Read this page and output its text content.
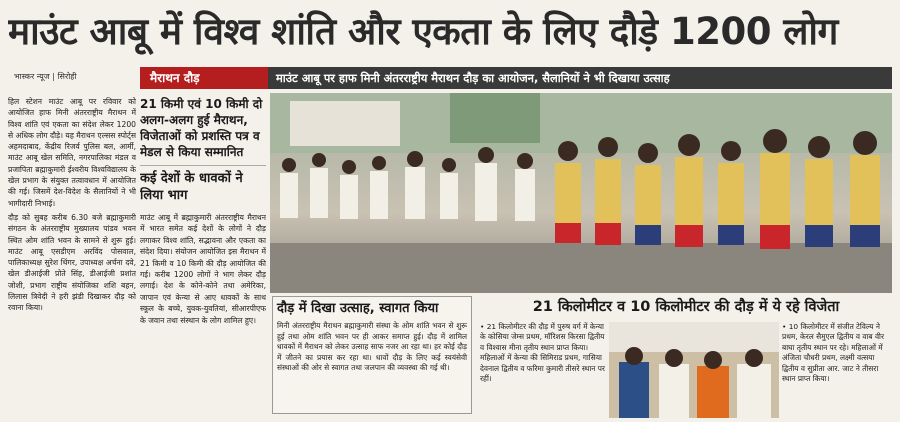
माउंट आबू में विश्व शांति और एकता के लिए दौड़े 1200 लोग
भास्कर न्यूज | सिरोही

हिल स्टेशन माउंट आबू पर रविवार को आयोजित हाफ मिनी अंतरराष्ट्रीय मैराथन में विश्व शांति एवं एकता का संदेश लेकर 1200 से अधिक लोग दौड़े। यह मैराथन एल्सस स्पोर्ट्स अहमदाबाद, केंद्रीय रिजर्व पुलिस बल, आर्मी, माउंट आबू खेल समिति, नगरपालिका मंडल व प्रजापिता ब्रह्माकुमारी ईश्वरीय विश्वविद्यालय के खेल प्रभाग के संयुक्त तत्वावधान में आयोजित की गई। जिसमें देश-विदेश के सैलानियों ने भी भागीदारी निभाई।

दौड़ को सुबह करीब 6.30 बजे ब्रह्माकुमारी संगठन के अंतरराष्ट्रीय मुख्यालय पांडव भवन स्थित ओम शांति भवन के सामने से शुरू हुई। माउंट आबू एसडीएम अरविंद पोसवाल, पालिकाध्यक्ष सुरेश थिंगर, उपाध्यक्ष अर्चना दवे, खेल डीआईजी प्रोते सिंह, डीआईजी प्रशांत जोशी, प्रभाग राष्ट्रीय संयोजिका शशि बहन, लिलास त्रिवेदी ने हरी झंडी दिखाकर दौड़ को रवाना किया।

मैराथन दौड़	माउंट आबू पर हाफ मिनी अंतरराष्ट्रीय मैराथन दौड़ का आयोजन, सैलानियों ने भी दिखाया उत्साह
21 किमी एवं 10 किमी दो अलग-अलग हुई मैराथन, विजेताओं को प्रशस्ति पत्र व मेडल से किया सम्मानित
कई देशों के धावकों ने लिया भाग
माउंट आबू में ब्रह्माकुमारी अंतरराष्ट्रीय मैराथन में भारत समेत कई देशों के लोगों ने दौड़ लगाकर विश्व शांति, सद्भावना और एकता का संदेश दिया। संयोजन आयोजित इस मैराथन में 21 किमी व 10 किमी की दौड़ आयोजित की गई। करीब 1200 लोगों ने भाग लेकर दौड़ लगाई। देश के कोने-कोने तथा अमेरिका, जापान एवं केन्या से आए धावकों के साथ स्कूल के बच्चे, युवक-युवतियां, सीआरपीएफ के जवान तथा संस्थान के लोग शामिल हुए।
दौड़ में दिखा उत्साह, स्वागत किया
मिनी अंतरराष्ट्रीय मैराथन ब्रह्माकुमारी संस्था के ओम शांति भवन से शुरू हुई तथा ओम शांति भवन पर ही आकर समाप्त हुई। दौड़ में शामिल धावकों में मैराथन को लेकर उत्साह साफ नजर आ रहा था। हर कोई दौड़ में जीतने का प्रयास कर रहा था। धावों दौड़ के लिए कई स्वयंसेवी संस्थाओं की ओर से स्वागत तथा जलपान की व्यवस्था की गई थी।
21 किलोमीटर व 10 किलोमीटर की दौड़ में ये रहे विजेता

• 21 किलोमीटर की दौड़ में पुरुष वर्ग में केन्या के कोसिया जेम्स प्रथम, मॉरिशस किरसा द्वितीय व विश्वास मीना तृतीय स्थान प्राप्त किया। महिलाओं में केन्या की सिमिराड प्रथम, गासिया देवनाल द्वितीय व फरिमा कुमारी तीसरे स्थान पर रहीं।

• 10 किलोमीटर में संजीत टेविल्य ने प्रथम, केरल सैमुएल द्वितीय व वाब वीर बाघा तृतीय स्थान पर रहे। महिलाओं में अंजिता चौधरी प्रथम, लक्ष्मी वत्सया द्वितीय व सुप्रीता आर. जाट ने तीसरा स्थान प्राप्त किया।
